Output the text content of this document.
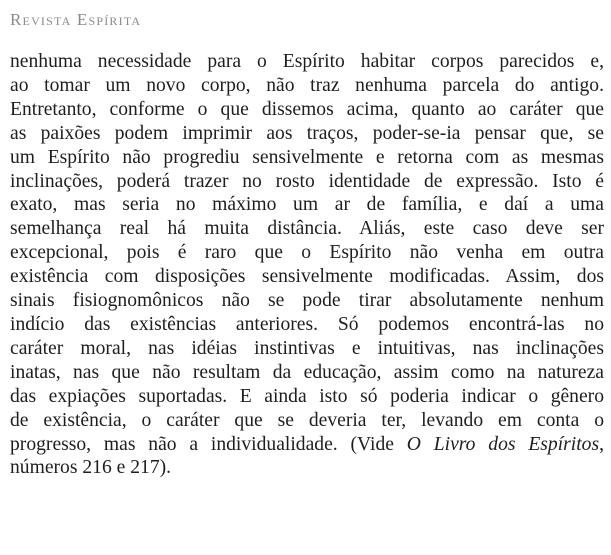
Revista Espírita
nenhuma necessidade para o Espírito habitar corpos parecidos e,
ao tomar um novo corpo, não traz nenhuma parcela do antigo.
Entretanto, conforme o que dissemos acima, quanto ao caráter que
as paixões podem imprimir aos traços, poder-se-ia pensar que, se
um Espírito não progrediu sensivelmente e retorna com as mesmas
inclinações, poderá trazer no rosto identidade de expressão. Isto é
exato, mas seria no máximo um ar de família, e daí a uma
semelhança real há muita distância. Aliás, este caso deve ser
excepcional, pois é raro que o Espírito não venha em outra
existência com disposições sensivelmente modificadas. Assim, dos
sinais fisiognomônicos não se pode tirar absolutamente nenhum
indício das existências anteriores. Só podemos encontrá-las no
caráter moral, nas idéias instintivas e intuitivas, nas inclinações
inatas, nas que não resultam da educação, assim como na natureza
das expiações suportadas. E ainda isto só poderia indicar o gênero
de existência, o caráter que se deveria ter, levando em conta o
progresso, mas não a individualidade. (Vide O Livro dos Espíritos,
números 216 e 217).
